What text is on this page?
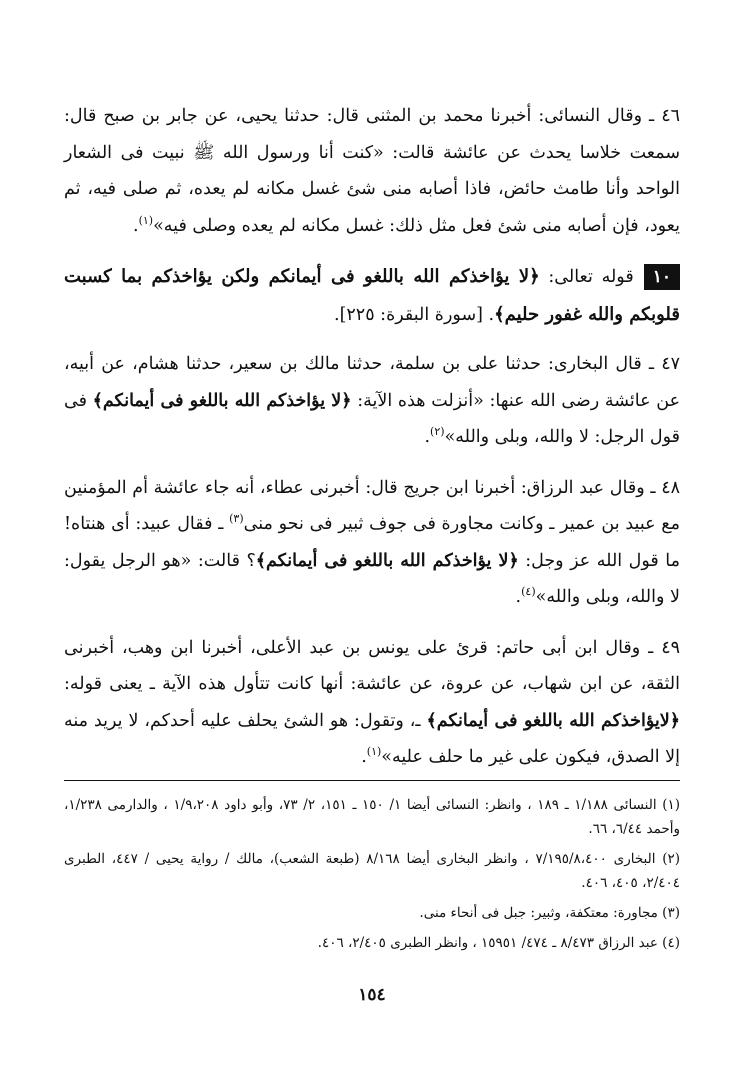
٤٦ ـ وقال النسائى: أخبرنا محمد بن المثنى قال: حدثنا يحيى، عن جابر بن صبح قال: سمعت خلاسا يحدث عن عائشة قالت: «كنت أنا ورسول الله ﷺ نبيت فى الشعار الواحد وأنا طامث حائض، فاذا أصابه منى شئ غسل مكانه لم يعده، ثم صلى فيه، ثم يعود، فإن أصابه منى شئ فعل مثل ذلك: غسل مكانه لم يعده وصلى فيه»$^{(١)}$.

١٠قوله تعالى: ﴿لا يؤاخذكم الله باللغو فى أيمانكم ولكن يؤاخذكم بما كسبت قلوبكم والله غفور حليم﴾. [سورة البقرة: ٢٢٥].

٤٧ ـ قال البخارى: حدثنا على بن سلمة، حدثنا مالك بن سعير، حدثنا هشام، عن أبيه، عن عائشة رضى الله عنها: «أنزلت هذه الآية: ﴿لا يؤاخذكم الله باللغو فى أيمانكم﴾ فى قول الرجل: لا والله، وبلى والله»$^{(٢)}$.

٤٨ ـ وقال عبد الرزاق: أخبرنا ابن جريج قال: أخبرنى عطاء، أنه جاء عائشة أم المؤمنين مع عبيد بن عمير ـ وكانت مجاورة فى جوف ثبير فى نحو منى$^{(٣)}$ ـ فقال عبيد: أى هنتاه! ما قول الله عز وجل: ﴿لا يؤاخذكم الله باللغو فى أيمانكم﴾؟ قالت: «هو الرجل يقول: لا والله، وبلى والله»$^{(٤)}$.

٤٩ ـ وقال ابن أبى حاتم: قرئ على يونس بن عبد الأعلى، أخبرنا ابن وهب، أخبرنى الثقة، عن ابن شهاب، عن عروة، عن عائشة: أنها كانت تتأول هذه الآية ـ يعنى قوله: ﴿لايؤاخذكم الله باللغو فى أيمانكم﴾ ـ، وتقول: هو الشئ يحلف عليه أحدكم، لا يريد منه إلا الصدق، فيكون على غير ما حلف عليه»$^{(١)}$.

(١) النسائى ١/١٨٨ ـ ١٨٩ ، وانظر: النسائى أيضا ١/ ١٥٠ ـ ١٥١، ٢/ ٧٣، وأبو داود ١/٩،٢٠٨ ، والدارمى ١/٢٣٨، وأحمد ٦/٤٤، ٦٦.

(٢) البخارى ٧/١٩٥/٨،٤٠٠ ، وانظر البخارى أيضا ٨/١٦٨ (طبعة الشعب)، مالك / رواية يحيى / ٤٤٧، الطبرى ٢/٤٠٤، ٤٠٥، ٤٠٦.

(٣) مجاورة: معتكفة، وثبير: جبل فى أنحاء منى.

(٤) عبد الرزاق ٨/٤٧٣ ـ ٤٧٤/ ١٥٩٥١ ، وانظر الطبرى ٢/٤٠٥، ٤٠٦.

١٥٤
